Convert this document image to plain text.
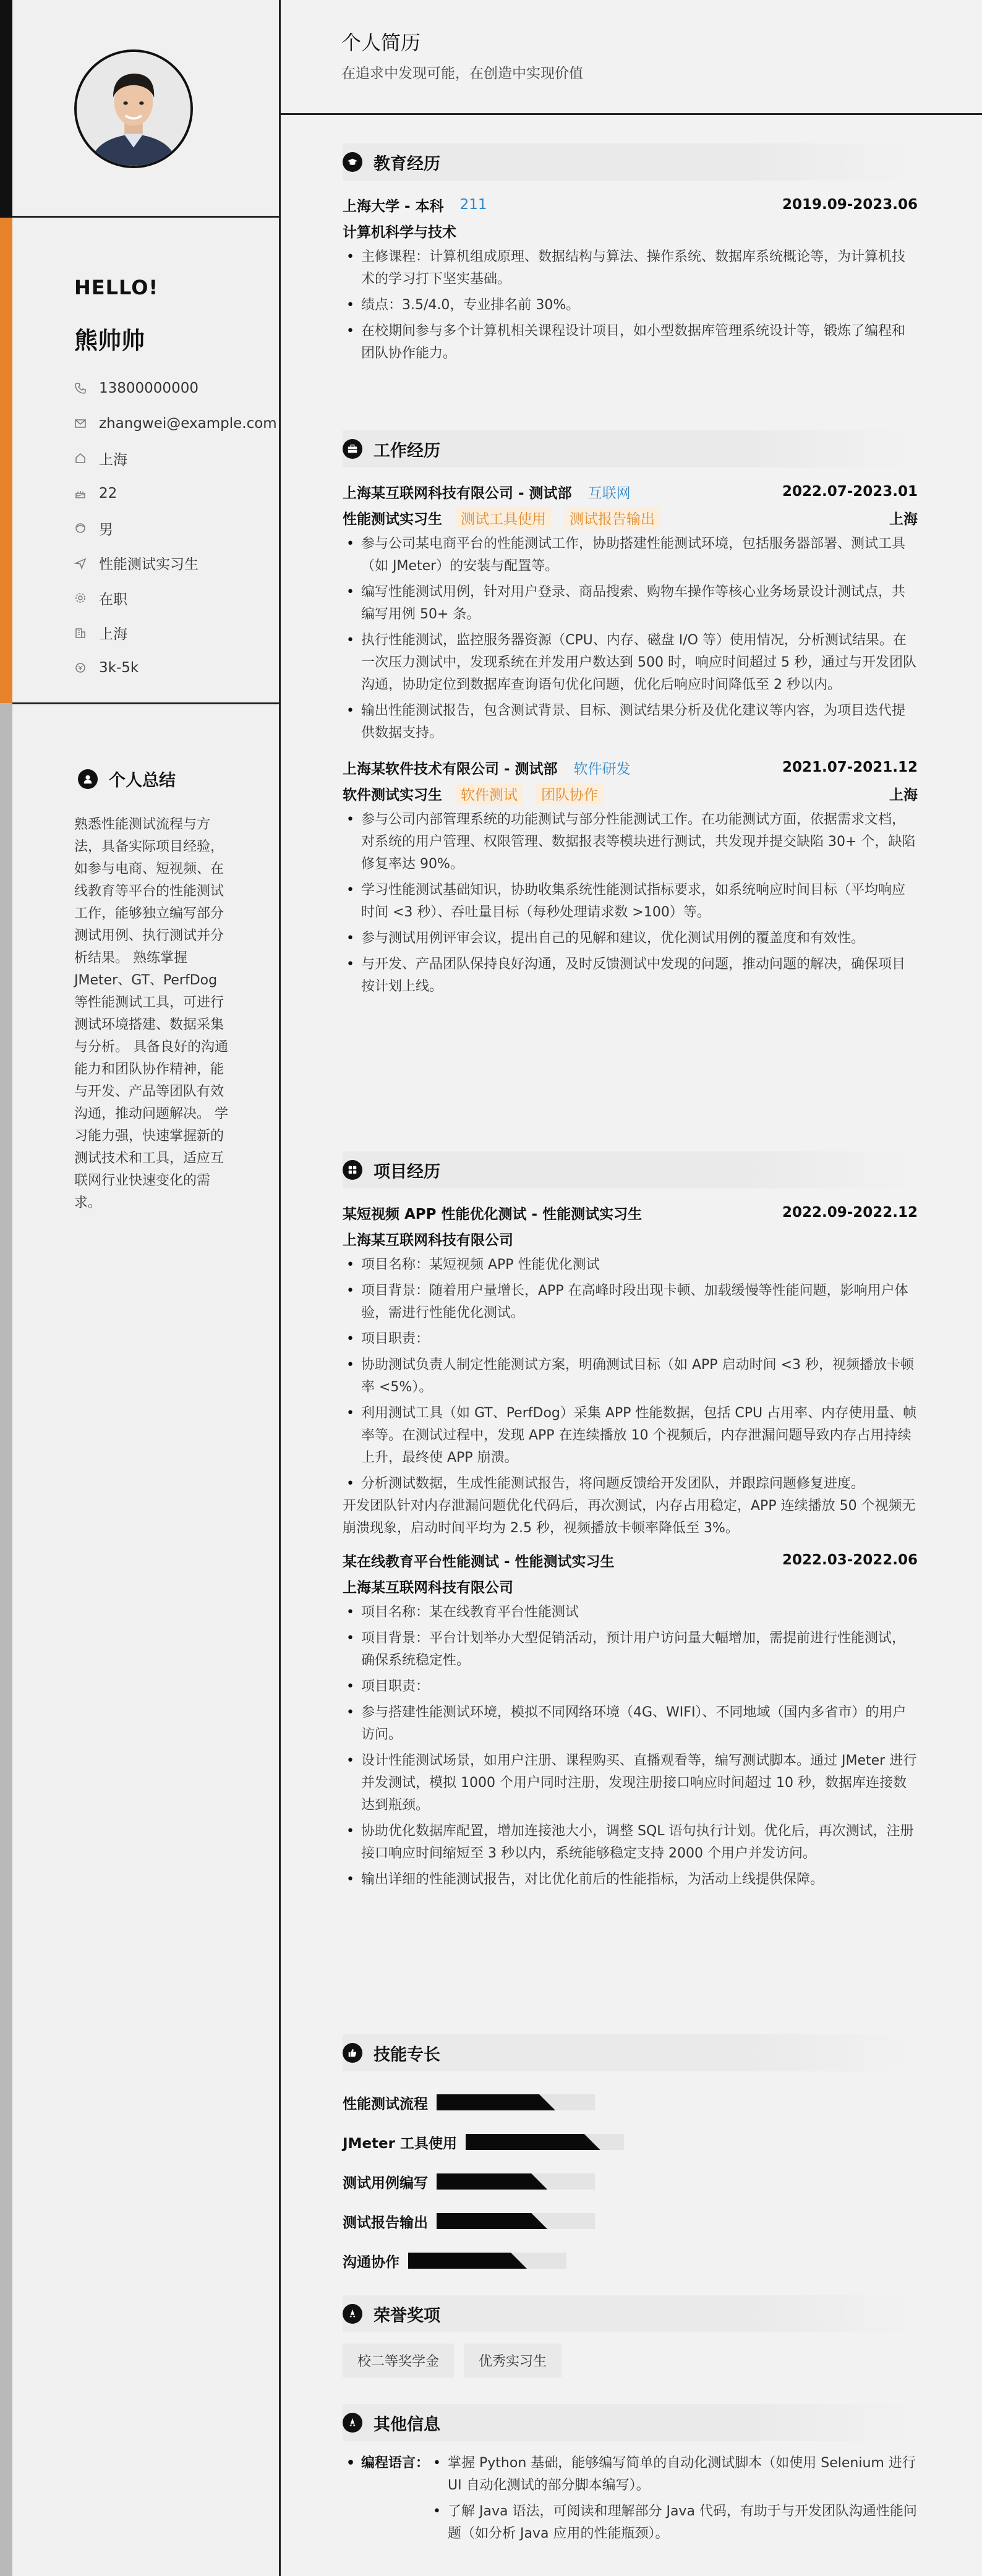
HELLO!
熊帅帅
13800000000
zhangwei@example.com
上海
22
男
性能测试实习生
在职
上海
3k-5k
个人总结
熟悉性能测试流程与方法，具备实际项目经验，如参与电商、短视频、在线教育等平台的性能测试工作，能够独立编写部分测试用例、执行测试并分析结果。 熟练掌握 JMeter、GT、PerfDog 等性能测试工具，可进行测试环境搭建、数据采集与分析。 具备良好的沟通能力和团队协作精神，能与开发、产品等团队有效沟通，推动问题解决。 学习能力强，快速掌握新的测试技术和工具，适应互联网行业快速变化的需求。
个人简历
在追求中发现可能，在创造中实现价值
教育经历
上海大学 - 本科 211	2019.09-2023.06
计算机科学与技术
• 主修课程：计算机组成原理、数据结构与算法、操作系统、数据库系统概论等，为计算机技术的学习打下坚实基础。
• 绩点：3.5/4.0，专业排名前 30%。
• 在校期间参与多个计算机相关课程设计项目，如小型数据库管理系统设计等，锻炼了编程和团队协作能力。
工作经历
上海某互联网科技有限公司 - 测试部 互联网	2022.07-2023.01
性能测试实习生	测试工具使用	测试报告输出	上海
• 参与公司某电商平台的性能测试工作，协助搭建性能测试环境，包括服务器部署、测试工具（如 JMeter）的安装与配置等。
• 编写性能测试用例，针对用户登录、商品搜索、购物车操作等核心业务场景设计测试点，共编写用例 50+ 条。
• 执行性能测试，监控服务器资源（CPU、内存、磁盘 I/O 等）使用情况，分析测试结果。在一次压力测试中，发现系统在并发用户数达到 500 时，响应时间超过 5 秒，通过与开发团队沟通，协助定位到数据库查询语句优化问题，优化后响应时间降低至 2 秒以内。
• 输出性能测试报告，包含测试背景、目标、测试结果分析及优化建议等内容，为项目迭代提供数据支持。
上海某软件技术有限公司 - 测试部 软件研发	2021.07-2021.12
软件测试实习生	软件测试	团队协作	上海
• 参与公司内部管理系统的功能测试与部分性能测试工作。在功能测试方面，依据需求文档，对系统的用户管理、权限管理、数据报表等模块进行测试，共发现并提交缺陷 30+ 个，缺陷修复率达 90%。
• 学习性能测试基础知识，协助收集系统性能测试指标要求，如系统响应时间目标（平均响应时间 <3 秒）、吞吐量目标（每秒处理请求数 >100）等。
• 参与测试用例评审会议，提出自己的见解和建议，优化测试用例的覆盖度和有效性。
• 与开发、产品团队保持良好沟通，及时反馈测试中发现的问题，推动问题的解决，确保项目按计划上线。
项目经历
某短视频 APP 性能优化测试 - 性能测试实习生	2022.09-2022.12
上海某互联网科技有限公司
• 项目名称：某短视频 APP 性能优化测试
• 项目背景：随着用户量增长，APP 在高峰时段出现卡顿、加载缓慢等性能问题，影响用户体验，需进行性能优化测试。
• 项目职责：
• 协助测试负责人制定性能测试方案，明确测试目标（如 APP 启动时间 <3 秒，视频播放卡顿率 <5%）。
• 利用测试工具（如 GT、PerfDog）采集 APP 性能数据，包括 CPU 占用率、内存使用量、帧率等。在测试过程中，发现 APP 在连续播放 10 个视频后，内存泄漏问题导致内存占用持续上升，最终使 APP 崩溃。
• 分析测试数据，生成性能测试报告，将问题反馈给开发团队，并跟踪问题修复进度。
开发团队针对内存泄漏问题优化代码后，再次测试，内存占用稳定，APP 连续播放 50 个视频无崩溃现象，启动时间平均为 2.5 秒，视频播放卡顿率降低至 3%。
某在线教育平台性能测试 - 性能测试实习生	2022.03-2022.06
上海某互联网科技有限公司
• 项目名称：某在线教育平台性能测试
• 项目背景：平台计划举办大型促销活动，预计用户访问量大幅增加，需提前进行性能测试，确保系统稳定性。
• 项目职责：
• 参与搭建性能测试环境，模拟不同网络环境（4G、WIFI）、不同地域（国内多省市）的用户访问。
• 设计性能测试场景，如用户注册、课程购买、直播观看等，编写测试脚本。通过 JMeter 进行并发测试，模拟 1000 个用户同时注册，发现注册接口响应时间超过 10 秒，数据库连接数达到瓶颈。
• 协助优化数据库配置，增加连接池大小，调整 SQL 语句执行计划。优化后，再次测试，注册接口响应时间缩短至 3 秒以内，系统能够稳定支持 2000 个用户并发访问。
• 输出详细的性能测试报告，对比优化前后的性能指标，为活动上线提供保障。
技能专长
性能测试流程
JMeter 工具使用
测试用例编写
测试报告输出
沟通协作
荣誉奖项
校二等奖学金	优秀实习生
其他信息
• 编程语言：
•	掌握 Python 基础，能够编写简单的自动化测试脚本（如使用 Selenium 进行 UI 自动化测试的部分脚本编写）。
• 了解 Java 语法，可阅读和理解部分 Java 代码，有助于与开发团队沟通性能问题（如分析 Java 应用的性能瓶颈）。
